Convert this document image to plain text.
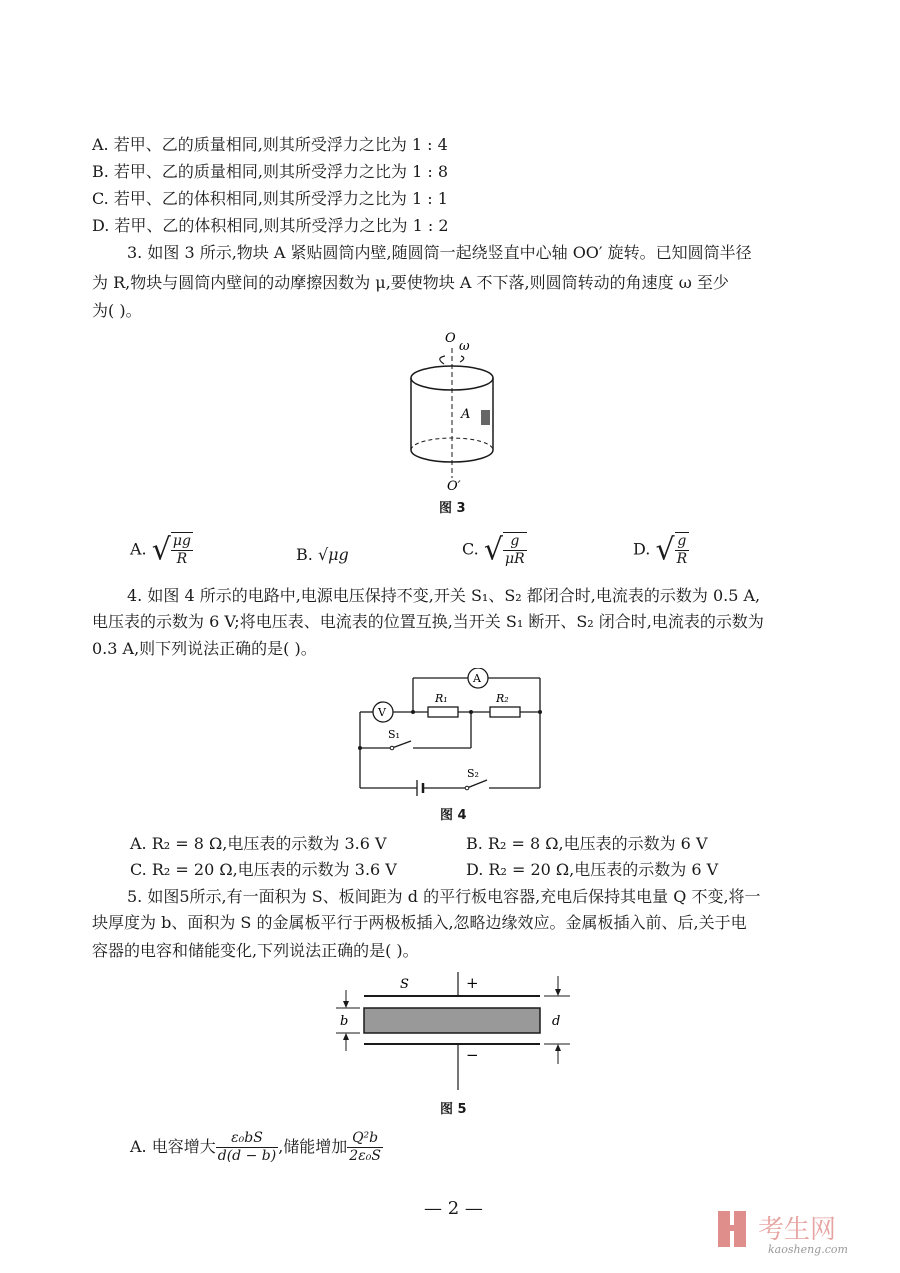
A. 若甲、乙的质量相同,则其所受浮力之比为 1 : 4
B. 若甲、乙的质量相同,则其所受浮力之比为 1 : 8
C. 若甲、乙的体积相同,则其所受浮力之比为 1 : 1
D. 若甲、乙的体积相同,则其所受浮力之比为 1 : 2
3. 如图 3 所示,物块 A 紧贴圆筒内壁,随圆筒一起绕竖直中心轴 OO′ 旋转。已知圆筒半径
为 R,物块与圆筒内壁间的动摩擦因数为 μ,要使物块 A 不下落,则圆筒转动的角速度 ω 至少
为( )。
O
ω
A
O′
图 3
A. √ $\frac{\mu g}{R}$	B. √μg	C. √ $\frac{g}{\mu R}$	D. √ $\frac{g}{R}$
4. 如图 4 所示的电路中,电源电压保持不变,开关 S₁、S₂ 都闭合时,电流表的示数为 0.5 A,
电压表的示数为 6 V;将电压表、电流表的位置互换,当开关 S₁ 断开、S₂ 闭合时,电流表的示数为
0.3 A,则下列说法正确的是( )。
A
V
R₁	R₂
S₁
S₂
图 4
A. R₂ = 8 Ω,电压表的示数为 3.6 V	B. R₂ = 8 Ω,电压表的示数为 6 V
C. R₂ = 20 Ω,电压表的示数为 3.6 V	D. R₂ = 20 Ω,电压表的示数为 6 V
5. 如图5所示,有一面积为 S、板间距为 d 的平行板电容器,充电后保持其电量 Q 不变,将一
块厚度为 b、面积为 S 的金属板平行于两极板插入,忽略边缘效应。金属板插入前、后,关于电
容器的电容和储能变化,下列说法正确的是( )。
S	+
−
b	d
图 5
A. 电容增大 $\frac{\text{ε₀bS}}{d(d - b)}$ ,储能增加 $\frac{\text{Q²b}}{\text{2ε₀S}}$
— 2 —
考生网
kaosheng.com
